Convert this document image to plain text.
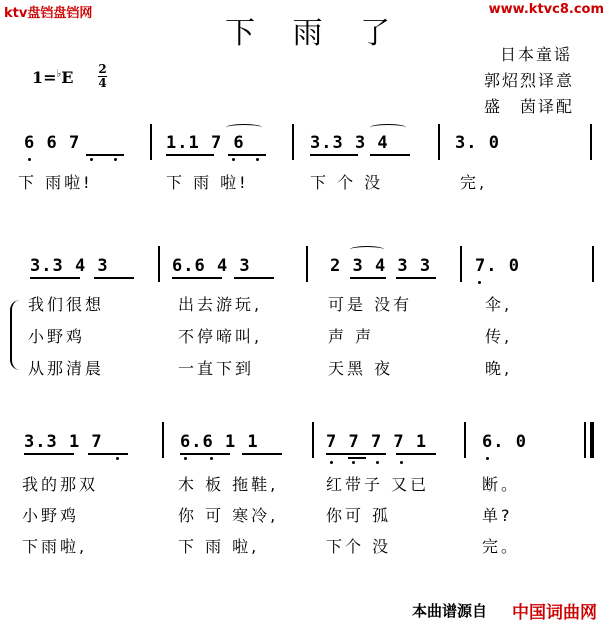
ktv盘铛盘铛网	www.ktvc8.com
下 雨 了
日本童谣
郭炤烈译意
盛　茵译配
1=♭E 2
4
6 6 7	1.1 7 6	3.3 3 4	3. 0
下 雨啦!	下 雨 啦!	下 个 没	完,
3.3 4 3	6.6 4 3	2 3 4 3 3	7. 0
我们很想	出去游玩,	可是 没有	伞,
小野鸡	不停啼叫,	声 声	传,
从那清晨	一直下到	天黑 夜	晚,
3.3 1 7	6.6 1 1	7 7 7 7 1	6. 0
我的那双	木 板 拖鞋,	红带子 又已	断。
小野鸡	你 可 寒冷,	你可 孤	单?
下雨啦,	下 雨 啦,	下个 没	完。
本曲谱源自 中国词曲网
